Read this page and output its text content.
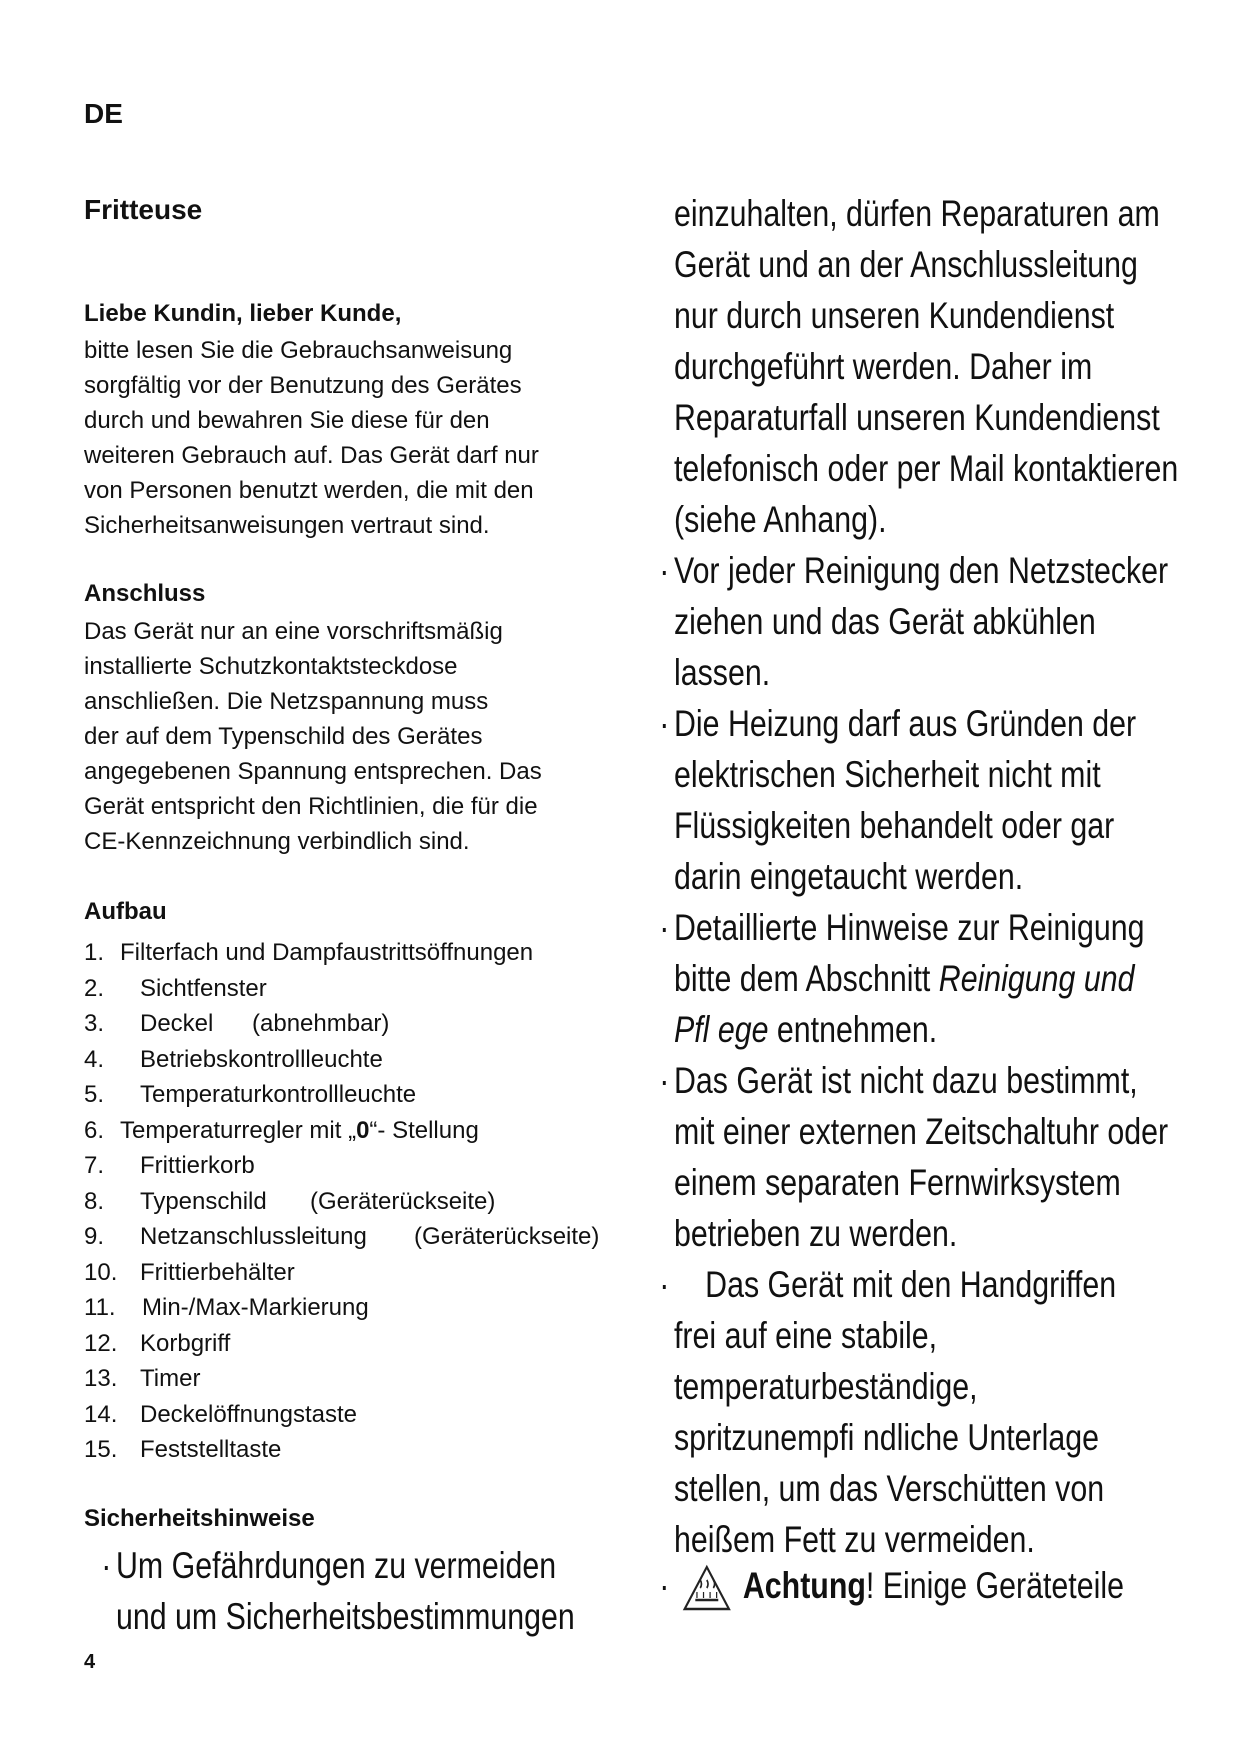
DE
Fritteuse
Liebe Kundin, lieber Kunde,
bitte lesen Sie die Gebrauchsanweisung
sorgfältig vor der Benutzung des Gerätes
durch und bewahren Sie diese für den
weiteren Gebrauch auf. Das Gerät darf nur
von Personen benutzt werden, die mit den
Sicherheitsanweisungen vertraut sind.
Anschluss
Das Gerät nur an eine vorschriftsmäßig
installierte Schutzkontaktsteckdose
anschließen. Die Netzspannung muss
der auf dem Typenschild des Gerätes
angegebenen Spannung entsprechen. Das
Gerät entspricht den Richtlinien, die für die
CE-Kennzeichnung verbindlich sind.
Aufbau
1. Filterfach und Dampfaustrittsöffnungen
2. Sichtfenster
3. Deckel (abnehmbar)
4. Betriebskontrollleuchte
5. Temperaturkontrollleuchte
6. Temperaturregler mit „0“- Stellung
7. Frittierkorb
8. Typenschild (Geräterückseite)
9. Netzanschlussleitung (Geräterückseite)
10. Frittierbehälter
11. Min-/Max-Markierung
12. Korbgriff
13. Timer
14. Deckelöffnungstaste
15. Feststelltaste
Sicherheitshinweise
· Um Gefährdungen zu vermeiden
und um Sicherheitsbestimmungen
einzuhalten, dürfen Reparaturen am
Gerät und an der Anschlussleitung
nur durch unseren Kundendienst
durchgeführt werden. Daher im
Reparaturfall unseren Kundendienst
telefonisch oder per Mail kontaktieren
(siehe Anhang).
· Vor jeder Reinigung den Netzstecker
ziehen und das Gerät abkühlen
lassen.
· Die Heizung darf aus Gründen der
elektrischen Sicherheit nicht mit
Flüssigkeiten behandelt oder gar
darin eingetaucht werden.
· Detaillierte Hinweise zur Reinigung
bitte dem Abschnitt Reinigung und
Pfl ege entnehmen.
· Das Gerät ist nicht dazu bestimmt,
mit einer externen Zeitschaltuhr oder
einem separaten Fernwirksystem
betrieben zu werden.
· Das Gerät mit den Handgriffen
frei auf eine stabile,
temperaturbeständige,
spritzunempfi ndliche Unterlage
stellen, um das Verschütten von
heißem Fett zu vermeiden.
· Achtung! Einige Geräteteile
4
